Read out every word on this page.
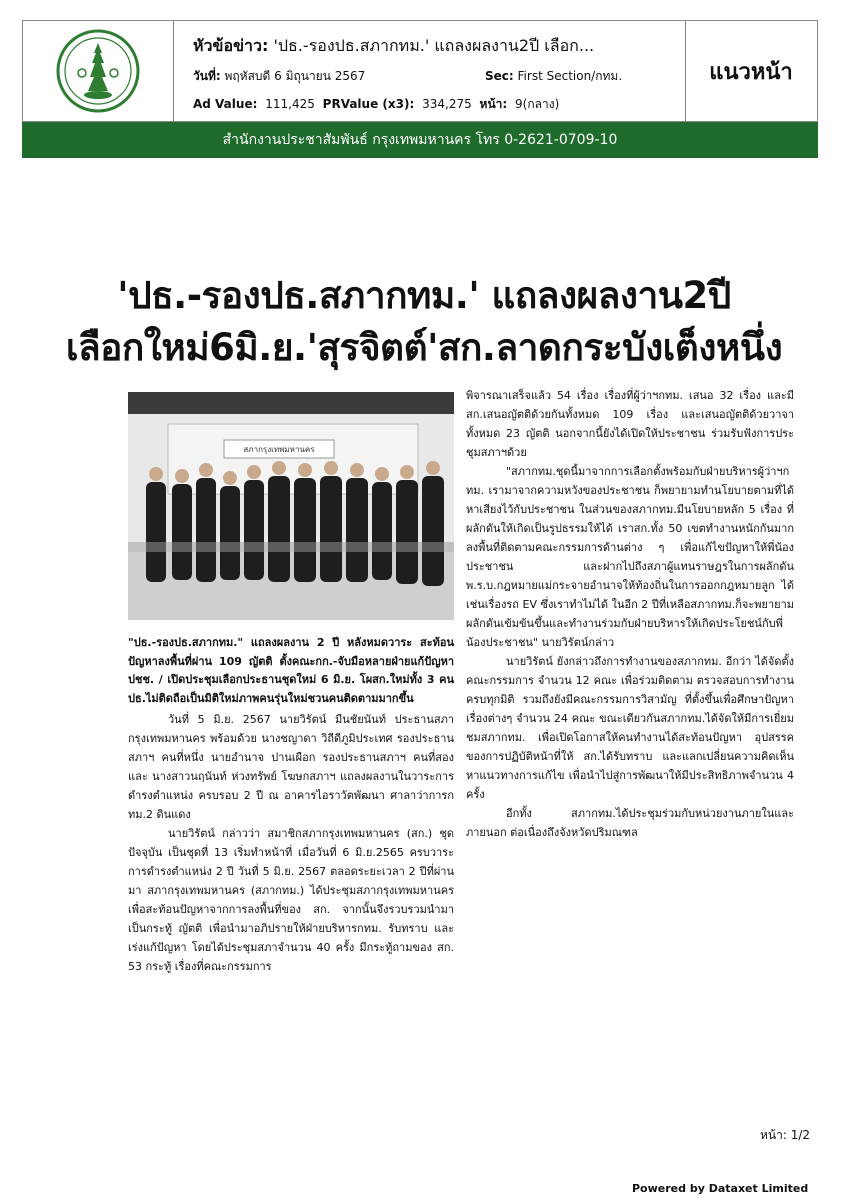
หัวข้อข่าว: 'ปธ.-รองปธ.สภากทม.' แถลงผลงาน2ปี เลือก...
วันที่: พฤหัสบดี 6 มิถุนายน 2567	Sec: First Section/กทม.
Ad Value: 111,425 PRValue (x3): 334,275 หน้า: 9(กลาง)
แนวหน้า
สำนักงานประชาสัมพันธ์ กรุงเทพมหานคร โทร 0-2621-0709-10
'ปธ.-รองปธ.สภากทม.' แถลงผลงาน2ปี
เลือกใหม่6มิ.ย.'สุรจิตต์'สก.ลาดกระบังเต็งหนึ่ง
สภากรุงเทพมหานคร
"ปธ.-รองปธ.สภากทม." แถลงผลงาน 2 ปี หลังหมดวาระ สะท้อนปัญหาลงพื้นที่ผ่าน 109 ญัตติ ตั้งคณะกก.-จับมือหลายฝ่ายแก้ปัญหาปชช. / เปิดประชุมเลือกประธานชุดใหม่ 6 มิ.ย. โผสก.ใหม่ทั้ง 3 คน ปธ.ไม่ติดถือเป็นมิติใหม่ภาพคนรุ่นใหม่ชวนคนติดตามมากขึ้น

วันที่ 5 มิ.ย. 2567 นายวิรัตน์ มีนชัยนันท์ ประธานสภากรุงเทพมหานคร พร้อมด้วย นางชญาดา วิถีดีภูมิประเทศ รองประธานสภาฯ คนที่หนึ่ง นายอำนาจ ปานเผือก รองประธานสภาฯ คนที่สอง และ นางสาวนฤนันท์ ห่วงทรัพย์ โฆษกสภาฯ แถลงผลงานในวาระการดำรงตำแหน่ง ครบรอบ 2 ปี ณ อาคารไอราวัตพัฒนา ศาลาว่าการกทม.2 ดินแดง

นายวิรัตน์ กล่าวว่า สมาชิกสภากรุงเทพมหานคร (สก.) ชุดปัจจุบัน เป็นชุดที่ 13 เริ่มทำหน้าที่ เมื่อวันที่ 6 มิ.ย.2565 ครบวาระการดำรงตำแหน่ง 2 ปี วันที่ 5 มิ.ย. 2567 ตลอดระยะเวลา 2 ปีที่ผ่านมา สภากรุงเทพมหานคร (สภากทม.) ได้ประชุมสภากรุงเทพมหานคร เพื่อสะท้อนปัญหาจากการลงพื้นที่ของ สก. จากนั้นจึงรวบรวมนำมาเป็นกระทู้ ญัตติ เพื่อนำมาอภิปรายให้ฝ่ายบริหารกทม. รับทราบ และเร่งแก้ปัญหา โดยได้ประชุมสภาจำนวน 40 ครั้ง มีกระทู้ถามของ สก. 53 กระทู้ เรื่องที่คณะกรรมการ

พิจารณาเสร็จแล้ว 54 เรื่อง เรื่องที่ผู้ว่าฯกทม. เสนอ 32 เรื่อง และมี สก.เสนอญัตติด้วยกันทั้งหมด 109 เรื่อง และเสนอญัตติด้วยวาจาทั้งหมด 23 ญัตติ นอกจากนี้ยังได้เปิดให้ประชาชน ร่วมรับฟังการประชุมสภาฯด้วย

"สภากทม.ชุดนี้มาจากการเลือกตั้งพร้อมกับฝ่ายบริหารผู้ว่าฯกทม. เรามาจากความหวังของประชาชน ก็พยายามทำนโยบายตามที่ได้หาเสียงไว้กับประชาชน ในส่วนของสภากทม.มีนโยบายหลัก 5 เรื่อง ที่ผลักดันให้เกิดเป็นรูปธรรมให้ได้ เราสก.ทั้ง 50 เขตทำงานหนักกันมากลงพื้นที่ติดตามคณะกรรมการด้านต่าง ๆ เพื่อแก้ไขปัญหาให้พี่น้องประชาชน และฝากไปถึงสภาผู้แทนราษฎรในการผลักดันพ.ร.บ.กฎหมายแม่กระจายอำนาจให้ท้องถิ่นในการออกกฎหมายลูก ได้ เช่นเรื่องรถ EV ซึ่งเราทำไม่ได้ ในอีก 2 ปีที่เหลือสภากทม.ก็จะพยายามผลักดันเข้มข้นขึ้นและทำงานร่วมกับฝ่ายบริหารให้เกิดประโยชน์กับพี่น้องประชาชน" นายวิรัตน์กล่าว

นายวิรัตน์ ยังกล่าวถึงการทำงานของสภากทม. อีกว่า ได้จัดตั้งคณะกรรมการ จำนวน 12 คณะ เพื่อร่วมติดตาม ตรวจสอบการทำงานครบทุกมิติ รวมถึงยังมีคณะกรรมการวิสามัญ ที่ตั้งขึ้นเพื่อศึกษาปัญหาเรื่องต่างๆ จำนวน 24 คณะ ขณะเดียวกันสภากทม.ได้จัดให้มีการเยี่ยมชมสภากทม. เพื่อเปิดโอกาสให้คนทำงานได้สะท้อนปัญหา อุปสรรคของการปฏิบัติหน้าที่ให้ สก.ได้รับทราบ และแลกเปลี่ยนความคิดเห็น หาแนวทางการแก้ไข เพื่อนำไปสู่การพัฒนาให้มีประสิทธิภาพจำนวน 4 ครั้ง

อีกทั้ง สภากทม.ได้ประชุมร่วมกับหน่วยงานภายในและภายนอก ต่อเนื่องถึงจังหวัดปริมณฑล

หน้า: 1/2
Powered by Dataxet Limited
